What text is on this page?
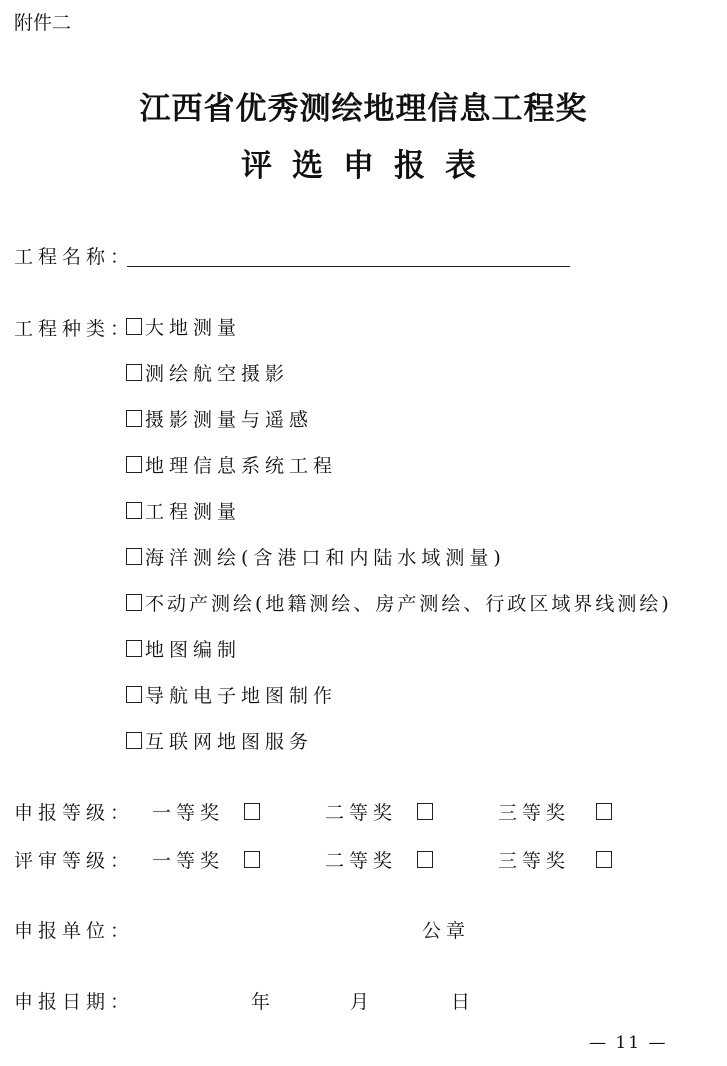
附件二
江西省优秀测绘地理信息工程奖
评选申报表
工程名称：
工程种类： 大地测量
测绘航空摄影
摄影测量与遥感
地理信息系统工程
工程测量
海洋测绘(含港口和内陆水域测量)
不动产测绘(地籍测绘、房产测绘、行政区域界线测绘)
地图编制
导航电子地图制作
互联网地图服务
申报等级： 一等奖	二等奖	三等奖
评审等级： 一等奖	二等奖	三等奖
申报单位：	公章
申报日期：	年	月	日
— 11 —
